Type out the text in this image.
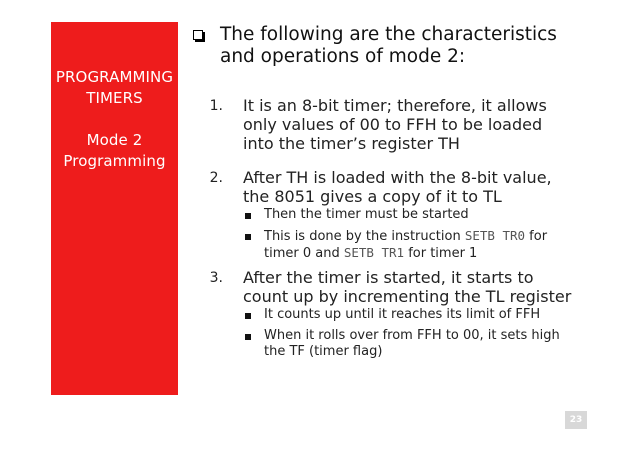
PROGRAMMING
TIMERS
Mode 2
Programming
The following are the characteristics
and operations of mode 2:
1. It is an 8-bit timer; therefore, it allows
only values of 00 to FFH to be loaded
into the timer’s register TH
2. After TH is loaded with the 8-bit value,
the 8051 gives a copy of it to TL
Then the timer must be started
This is done by the instruction SETB TR0 for
timer 0 and SETB TR1 for timer 1
3. After the timer is started, it starts to
count up by incrementing the TL register
It counts up until it reaches its limit of FFH
When it rolls over from FFH to 00, it sets high
the TF (timer flag)
23
